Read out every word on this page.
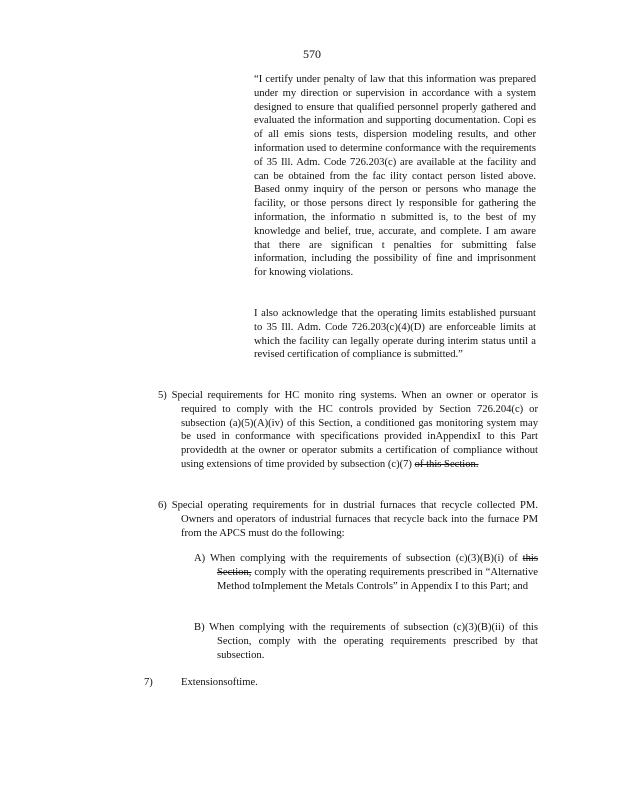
570

“I certify under penalty of law that this information was prepared under my direction or supervision in accordance with a system designed to ensure that qualified personnel properly gathered and evaluated the information and supporting documentation. Copi es of all emis sions tests, dispersion modeling results, and other information used to determine conformance with the requirements of 35 Ill. Adm. Code 726.203(c) are available at the facility and can be obtained from the fac ility contact person listed above. Based onmy inquiry of the person or persons who manage the facility, or those persons direct ly responsible for gathering the information, the informatio n submitted is, to the best of my knowledge and belief, true, accurate, and complete. I am aware that there are significan t penalties for submitting false information, including the possibility of fine and imprisonment for knowing violations.

I also acknowledge that the operating limits established pursuant to 35 Ill. Adm. Code 726.203(c)(4)(D) are enforceable limits at which the facility can legally operate during interim status until a revised certification of compliance is submitted.”

5) Special requirements for HC monito ring systems. When an owner or operator is required to comply with the HC controls provided by Section 726.204(c) or subsection (a)(5)(A)(iv) of this Section, a conditioned gas monitoring system may be used in conformance with specifications provided inAppendixI to this Part providedth at the owner or operator submits a certification of compliance without using extensions of time provided by subsection (c)(7) of this Section.
6) Special operating requirements for in dustrial furnaces that recycle collected PM. Owners and operators of industrial furnaces that recycle back into the furnace PM from the APCS must do the following:
A) When complying with the requirements of subsection (c)(3)(B)(i) of this Section, comply with the operating requirements prescribed in “Alternative Method toImplement the Metals Controls” in Appendix I to this Part; and
B) When complying with the requirements of subsection (c)(3)(B)(ii) of this Section, comply with the operating requirements prescribed by that subsection.
7)	Extensionsoftime.
